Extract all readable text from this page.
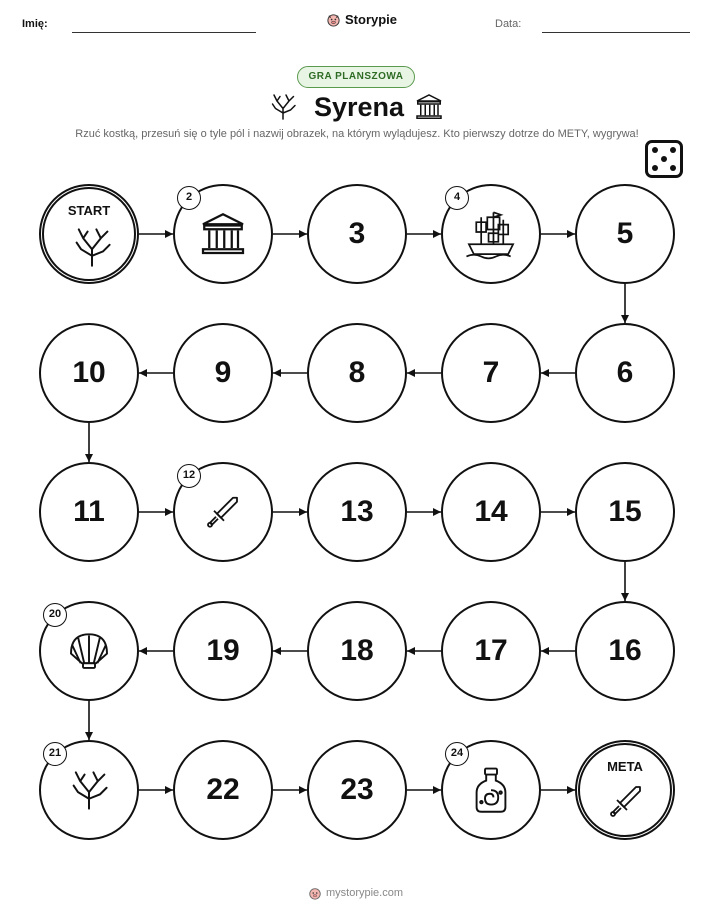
Imię:	Storypie	Data:
GRA PLANSZOWA
Syrena
Rzuć kostką, przesuń się o tyle pól i nazwij obrazek, na którym wylądujesz. Kto pierwszy dotrze do METY, wygrywa!
START
2
3
4
5
6
7
8
9
10
11
12
13	14	15
16
17
18
19
20
21
22	23
24
META
mystorypie.com
